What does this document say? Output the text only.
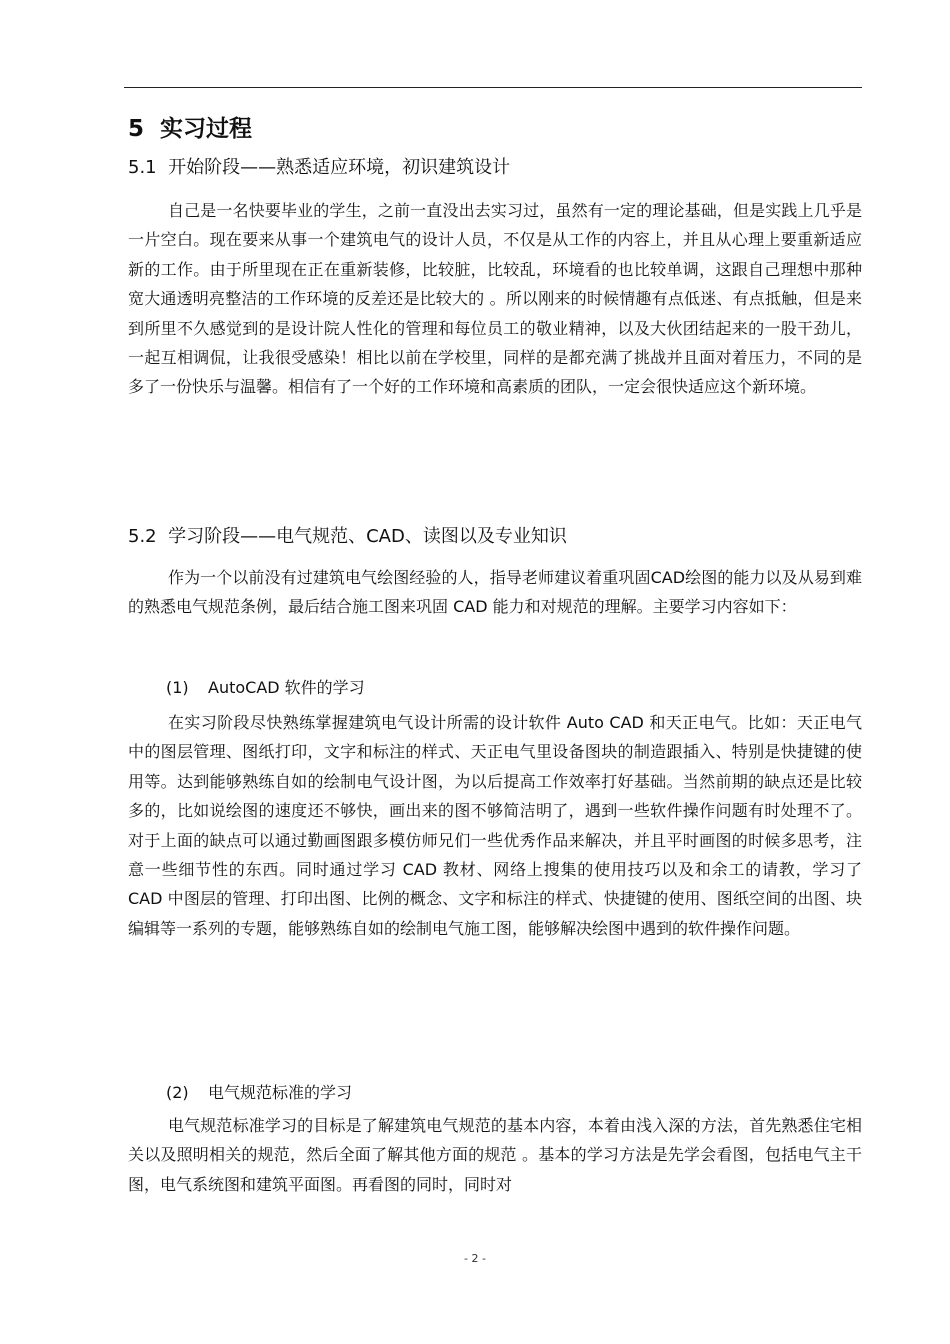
5 实习过程
5.1 开始阶段——熟悉适应环境，初识建筑设计

自己是一名快要毕业的学生，之前一直没出去实习过，虽然有一定的理论基础，但是实践上几乎是一片空白。现在要来从事一个建筑电气的设计人员，不仅是从工作的内容上，并且从心理上要重新适应新的工作。由于所里现在正在重新装修，比较脏，比较乱，环境看的也比较单调，这跟自己理想中那种宽大通透明亮整洁的工作环境的反差还是比较大的 。所以刚来的时候情趣有点低迷、有点抵触，但是来到所里不久感觉到的是设计院人性化的管理和每位员工的敬业精神，以及大伙团结起来的一股干劲儿，一起互相调侃，让我很受感染！相比以前在学校里，同样的是都充满了挑战并且面对着压力，不同的是多了一份快乐与温馨。相信有了一个好的工作环境和高素质的团队，一定会很快适应这个新环境。

5.2 学习阶段——电气规范、CAD、读图以及专业知识

作为一个以前没有过建筑电气绘图经验的人，指导老师建议着重巩固CAD绘图的能力以及从易到难的熟悉电气规范条例，最后结合施工图来巩固 CAD 能力和对规范的理解。主要学习内容如下：

(1) AutoCAD 软件的学习

在实习阶段尽快熟练掌握建筑电气设计所需的设计软件 Auto CAD 和天正电气。比如：天正电气中的图层管理、图纸打印，文字和标注的样式、天正电气里设备图块的制造跟插入、特别是快捷键的使用等。达到能够熟练自如的绘制电气设计图，为以后提高工作效率打好基础。当然前期的缺点还是比较多的，比如说绘图的速度还不够快，画出来的图不够简洁明了，遇到一些软件操作问题有时处理不了。对于上面的缺点可以通过勤画图跟多模仿师兄们一些优秀作品来解决，并且平时画图的时候多思考，注意一些细节性的东西。同时通过学习 CAD 教材、网络上搜集的使用技巧以及和余工的请教，学习了 CAD 中图层的管理、打印出图、比例的概念、文字和标注的样式、快捷键的使用、图纸空间的出图、块编辑等一系列的专题，能够熟练自如的绘制电气施工图，能够解决绘图中遇到的软件操作问题。

(2) 电气规范标准的学习

电气规范标准学习的目标是了解建筑电气规范的基本内容，本着由浅入深的方法，首先熟悉住宅相关以及照明相关的规范，然后全面了解其他方面的规范 。基本的学习方法是先学会看图，包括电气主干图，电气系统图和建筑平面图。再看图的同时，同时对

- 2 -
